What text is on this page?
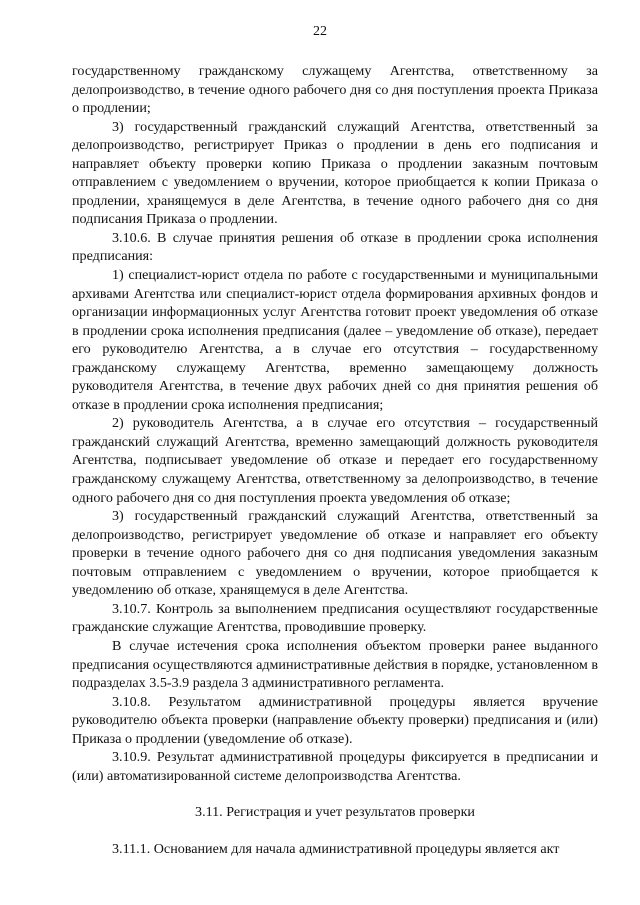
22

государственному гражданскому служащему Агентства, ответственному за делопроизводство, в течение одного рабочего дня со дня поступления проекта Приказа о продлении;

3) государственный гражданский служащий Агентства, ответственный за делопроизводство, регистрирует Приказ о продлении в день его подписания и направляет объекту проверки копию Приказа о продлении заказным почтовым отправлением с уведомлением о вручении, которое приобщается к копии Приказа о продлении, хранящемуся в деле Агентства, в течение одного рабочего дня со дня подписания Приказа о продлении.

3.10.6. В случае принятия решения об отказе в продлении срока исполнения предписания:

1) специалист-юрист отдела по работе с государственными и муниципальными архивами Агентства или специалист-юрист отдела формирования архивных фондов и организации информационных услуг Агентства готовит проект уведомления об отказе в продлении срока исполнения предписания (далее – уведомление об отказе), передает его руководителю Агентства, а в случае его отсутствия – государственному гражданскому служащему Агентства, временно замещающему должность руководителя Агентства, в течение двух рабочих дней со дня принятия решения об отказе в продлении срока исполнения предписания;

2) руководитель Агентства, а в случае его отсутствия – государственный гражданский служащий Агентства, временно замещающий должность руководителя Агентства, подписывает уведомление об отказе и передает его государственному гражданскому служащему Агентства, ответственному за делопроизводство, в течение одного рабочего дня со дня поступления проекта уведомления об отказе;

3) государственный гражданский служащий Агентства, ответственный за делопроизводство, регистрирует уведомление об отказе и направляет его объекту проверки в течение одного рабочего дня со дня подписания уведомления заказным почтовым отправлением с уведомлением о вручении, которое приобщается к уведомлению об отказе, хранящемуся в деле Агентства.

3.10.7. Контроль за выполнением предписания осуществляют государственные гражданские служащие Агентства, проводившие проверку.

В случае истечения срока исполнения объектом проверки ранее выданного предписания осуществляются административные действия в порядке, установленном в подразделах 3.5-3.9 раздела 3 административного регламента.

3.10.8. Результатом административной процедуры является вручение руководителю объекта проверки (направление объекту проверки) предписания и (или) Приказа о продлении (уведомление об отказе).

3.10.9. Результат административной процедуры фиксируется в предписании и (или) автоматизированной системе делопроизводства Агентства.

3.11. Регистрация и учет результатов проверки

3.11.1. Основанием для начала административной процедуры является акт
